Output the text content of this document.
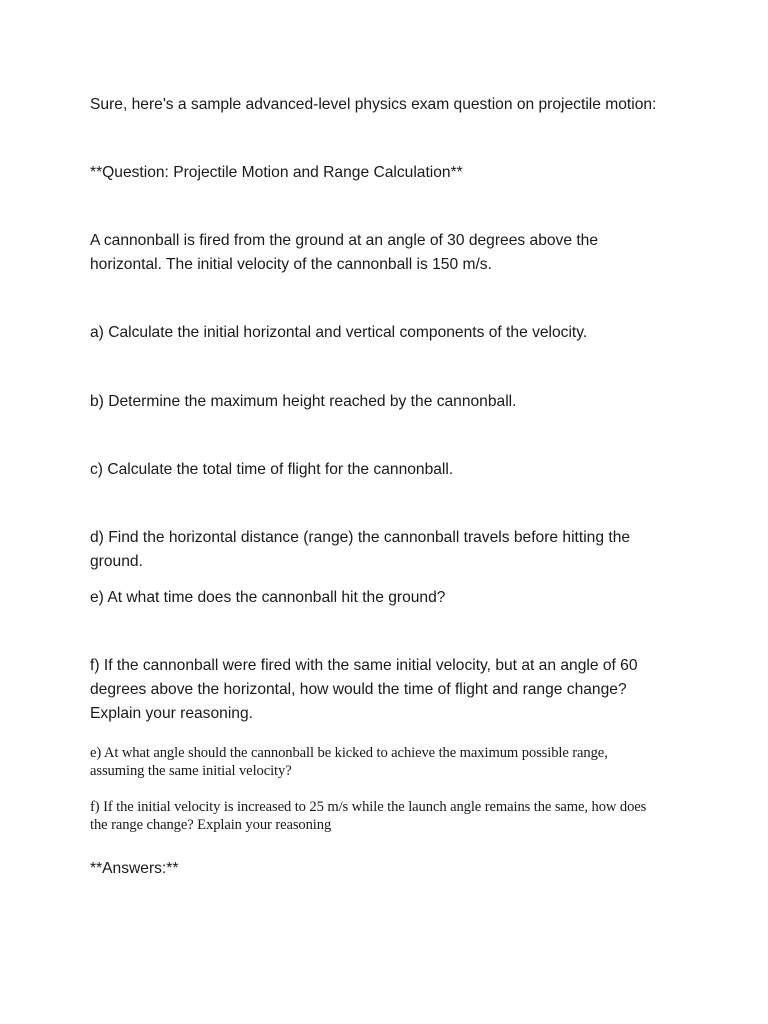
Sure, here's a sample advanced-level physics exam question on projectile motion:

**Question: Projectile Motion and Range Calculation**

A cannonball is fired from the ground at an angle of 30 degrees above the

horizontal. The initial velocity of the cannonball is 150 m/s.

a) Calculate the initial horizontal and vertical components of the velocity.

b) Determine the maximum height reached by the cannonball.

c) Calculate the total time of flight for the cannonball.

d) Find the horizontal distance (range) the cannonball travels before hitting the

ground.

e) At what time does the cannonball hit the ground?

f) If the cannonball were fired with the same initial velocity, but at an angle of 60

degrees above the horizontal, how would the time of flight and range change?

Explain your reasoning.

e) At what angle should the cannonball be kicked to achieve the maximum possible range,

assuming the same initial velocity?

f) If the initial velocity is increased to 25 m/s while the launch angle remains the same, how does

the range change? Explain your reasoning

**Answers:**
